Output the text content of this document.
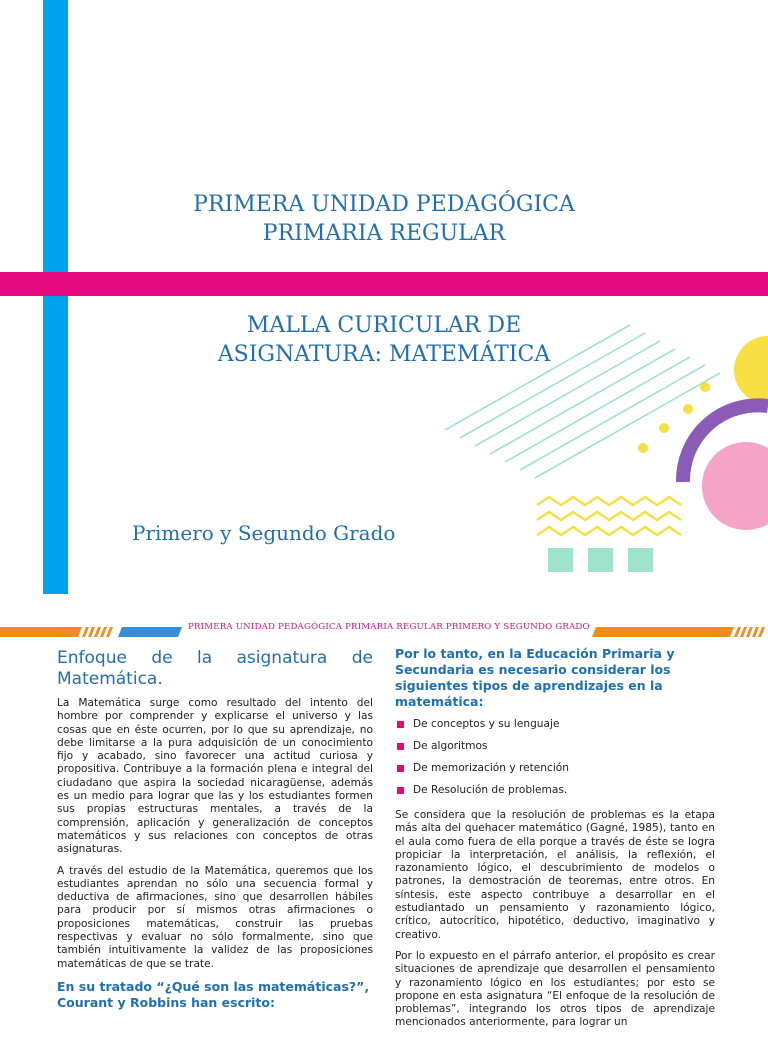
PRIMERA UNIDAD PEDAGÓGICA
PRIMARIA REGULAR
MALLA CURICULAR DE
ASIGNATURA: MATEMÁTICA
Primero y Segundo Grado
PRIMERA UNIDAD PEDAGÓGICA PRIMARIA REGULAR PRIMERO Y SEGUNDO GRADO
Enfoque de la asignatura de Matemática.

La Matemática surge como resultado del intento del hombre por comprender y explicarse el universo y las cosas que en éste ocurren, por lo que su aprendizaje, no debe limitarse a la pura adquisición de un conocimiento fijo y acabado, sino favorecer una actitud curiosa y propositiva. Contribuye a la formación plena e integral del ciudadano que aspira la sociedad nicaragüense, además es un medio para lograr que las y los estudiantes formen sus propias estructuras mentales, a través de la comprensión, aplicación y generalización de conceptos matemáticos y sus relaciones con conceptos de otras asignaturas.

A través del estudio de la Matemática, queremos que los estudiantes aprendan no sólo una secuencia formal y deductiva de afirmaciones, sino que desarrollen hábiles para producir por sí mismos otras afirmaciones o proposiciones matemáticas, construir las pruebas respectivas y evaluar no sólo formalmente, sino que también intuitivamente la validez de las proposiciones matemáticas de que se trate.

En su tratado “¿Qué son las matemáticas?”, Courant y Robbins han escrito:

Por lo tanto, en la Educación Primaria y Secundaria es necesario considerar los siguientes tipos de aprendizajes en la matemática:

De conceptos y su lenguaje
De algoritmos
De memorización y retención
De Resolución de problemas.

Se considera que la resolución de problemas es la etapa más alta del quehacer matemático (Gagné, 1985), tanto en el aula como fuera de ella porque a través de éste se logra propiciar la interpretación, el análisis, la reflexión, el razonamiento lógico, el descubrimiento de modelos o patrones, la demostración de teoremas, entre otros. En síntesis, este aspecto contribuye a desarrollar en el estudiantado un pensamiento y razonamiento lógico, crítico, autocrítico, hipotético, deductivo, imaginativo y creativo.

Por lo expuesto en el párrafo anterior, el propósito es crear situaciones de aprendizaje que desarrollen el pensamiento y razonamiento lógico en los estudiantes; por esto se propone en esta asignatura “El enfoque de la resolución de problemas”, integrando los otros tipos de aprendizaje mencionados anteriormente, para lograr un
